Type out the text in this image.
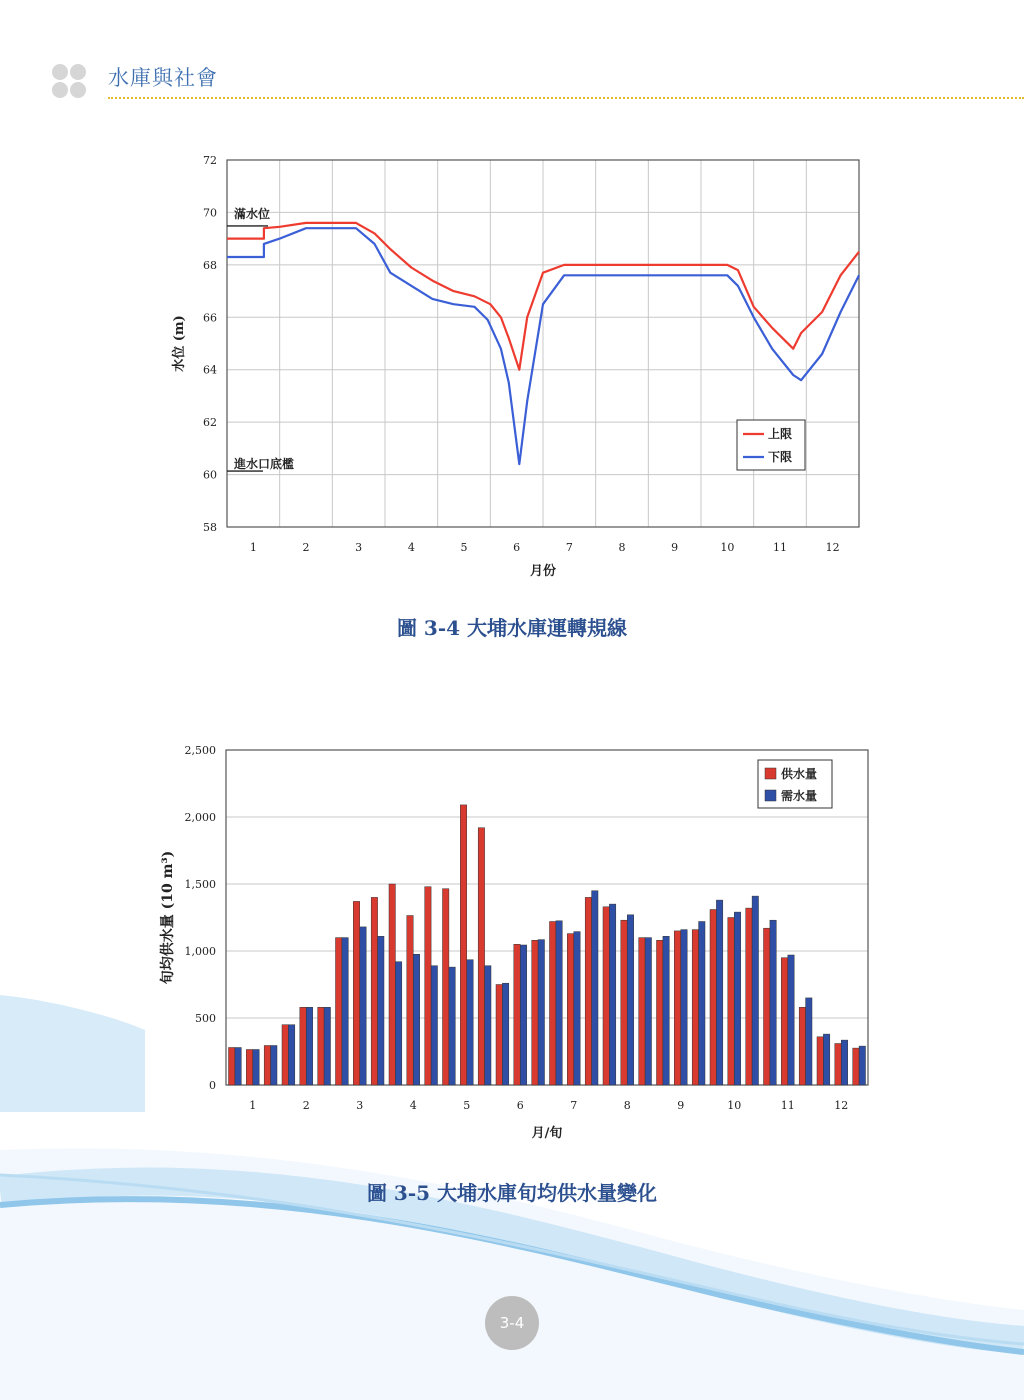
水庫與社會
58
60
62
64
66
68
70
72
1	2	3	4	5	6	7	8	9	10	11	12
月份
水位 (m)
滿水位
進水口底檻
上限
下限
圖 3-4 大埔水庫運轉規線
0
500
1,000
1,500
2,000
2,500
1	2	3	4	5	6	7	8	9	10	11	12
月/旬
旬均供水量 (10 m³)
供水量
需水量
圖 3-5 大埔水庫旬均供水量變化
3-4
